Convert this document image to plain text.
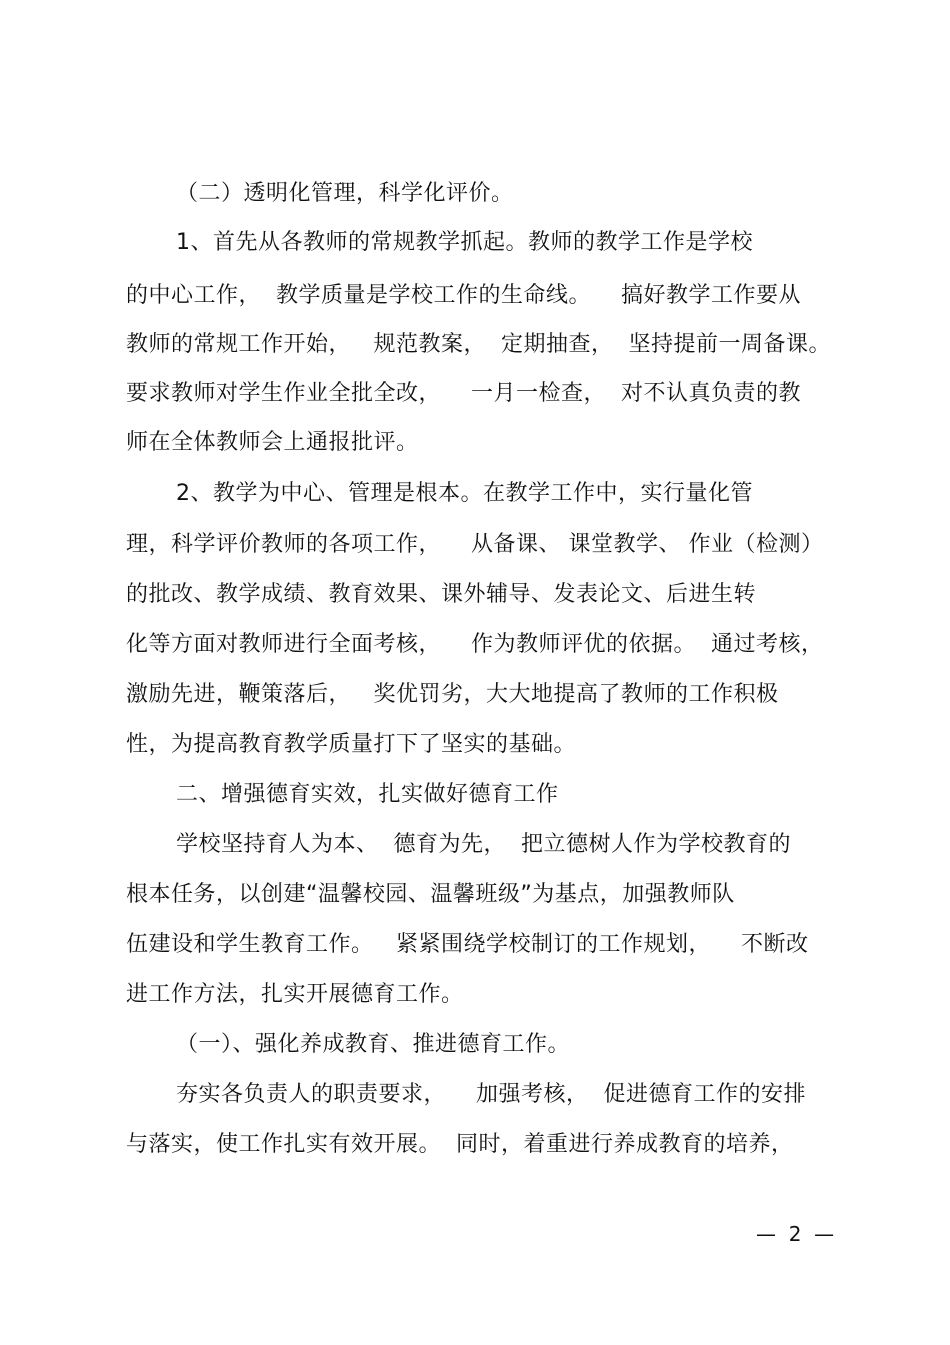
（二）透明化管理，科学化评价。
1、首先从各教师的常规教学抓起。教师的教学工作是学校
的中心工作，  教学质量是学校工作的生命线。    搞好教学工作要从
教师的常规工作开始，   规范教案，  定期抽查，  坚持提前一周备课。
要求教师对学生作业全批全改，    一月一检查，  对不认真负责的教
师在全体教师会上通报批评。
2、教学为中心、管理是根本。在教学工作中，实行量化管
理，科学评价教师的各项工作，    从备课、 课堂教学、 作业（检测）
的批改、教学成绩、教育效果、课外辅导、发表论文、后进生转
化等方面对教师进行全面考核，    作为教师评优的依据。  通过考核，
激励先进，鞭策落后，   奖优罚劣，大大地提高了教师的工作积极
性，为提高教育教学质量打下了坚实的基础。
二、增强德育实效，扎实做好德育工作
学校坚持育人为本、  德育为先，  把立德树人作为学校教育的
根本任务，以创建“温馨校园、温馨班级”为基点，加强教师队
伍建设和学生教育工作。   紧紧围绕学校制订的工作规划，    不断改
进工作方法，扎实开展德育工作。
（一）、强化养成教育、推进德育工作。
夯实各负责人的职责要求，    加强考核，  促进德育工作的安排
与落实，使工作扎实有效开展。  同时，着重进行养成教育的培养，
—  2  —
